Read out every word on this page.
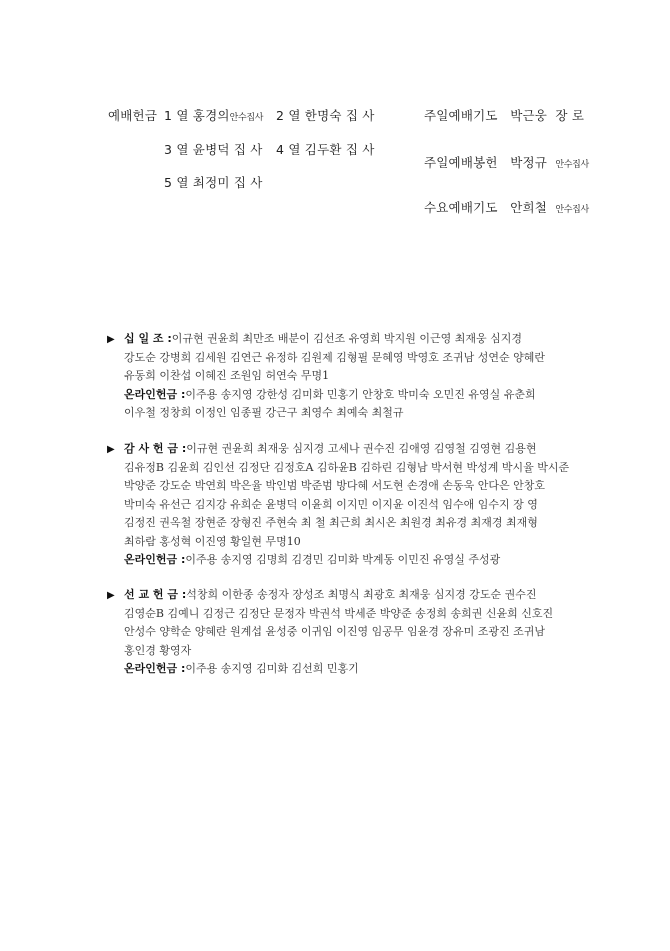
예배헌금 1 열 홍경의안수집사 2 열 한명숙 집 사
3 열 윤병덕 집 사 4 열 김두환 집 사
5 열 최정미 집 사
주일예배기도 박근웅 장 로
주일예배봉헌 박정규 안수집사
수요예배기도 안희철 안수집사
▶ 십 일 조 :이규현 권윤희 최만조 배분이 김선조 유영희 박지원 이근영 최재웅 심지경
강도순 강병희 김세원 김연근 유정하 김원제 김형필 문혜영 박영호 조귀남 성연순 양혜란
유동희 이찬섭 이혜진 조원임 허연숙 무명1
온라인헌금 :이주용 송지영 강한성 김미화 민홍기 안창호 박미숙 오민진 유영실 유춘희
이우철 정창희 이정인 임종필 강근구 최영수 최예숙 최철규
▶ 감 사 헌 금 :이규현 권윤희 최재웅 심지경 고세나 권수진 김애영 김영철 김영현 김용현
김유정B 김윤희 김인선 김정단 김정호A 김하윤B 김하린 김형남 박서현 박성계 박시율 박시준
박양준 강도순 박연희 박은율 박인범 박준범 방다혜 서도현 손경애 손동욱 안다은 안창호
박미숙 유선근 김지강 유희순 윤병덕 이윤희 이지민 이지윤 이진석 임수애 임수지 장 영
김정진 권옥철 장현준 장형진 주현숙 최 철 최근희 최시온 최원경 최유경 최재경 최재형
최하람 홍성혁 이진영 황일현 무명10
온라인헌금 :이주용 송지영 김명희 김경민 김미화 박계동 이민진 유영실 주성광
▶ 선 교 헌 금 :석창희 이한종 송정자 장성조 최명식 최광호 최재웅 심지경 강도순 권수진
김영순B 김예니 김정근 김정단 문정자 박권석 박세준 박양준 송정희 송희권 신윤희 신호진
안성수 양학순 양혜란 원계섭 윤성중 이귀임 이진영 임공무 임윤경 장유미 조광진 조귀남
홍인경 황영자
온라인헌금 :이주용 송지영 김미화 김선희 민홍기
